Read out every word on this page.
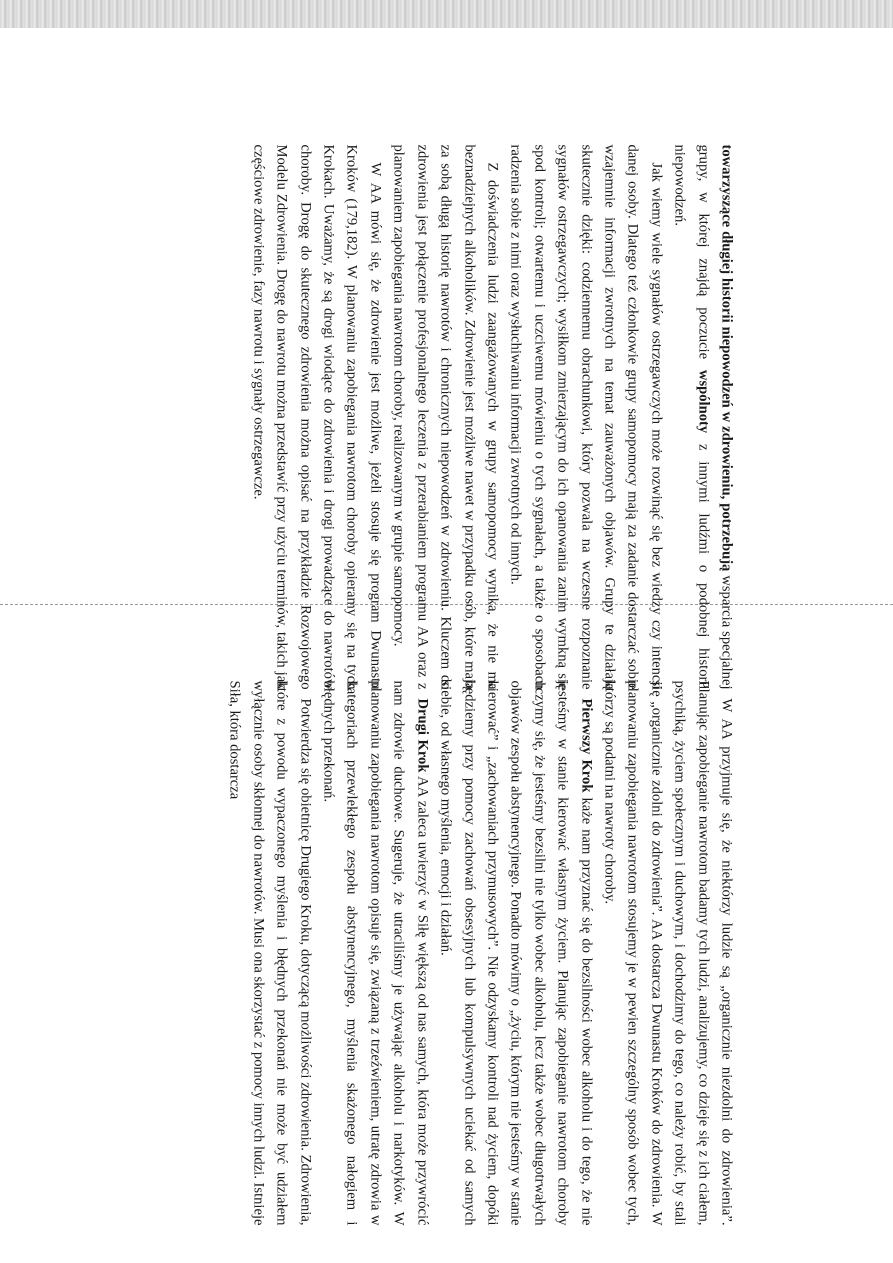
towarzyszące długiej historii niepowodzeń w zdrowieniu, potrzebują wsparcia specjalnej grupy, w której znajdą poczucie wspólnoty z innymi ludźmi o podobnej historii niepowodzeń.

Jak wiemy wiele sygnałów ostrzegawczych może rozwinąć się bez wiedzy czy intencji danej osoby. Dlatego też członkowie grupy samopomocy mają za zadanie dostarczać sobie wzajemnie informacji zwrotnych na temat zauważonych objawów. Grupy te działają skutecznie dzięki: codziennemu obrachunkowi, który pozwala na wczesne rozpoznanie sygnałów ostrzegawczych; wysiłkom zmierzającym do ich opanowania zanim wymkną się spod kontroli; otwartemu i uczciwemu mówieniu o tych sygnałach, a także o sposobach radzenia sobie z nimi oraz wysłuchiwaniu informacji zwrotnych od innych.

Z doświadczenia ludzi zaangażowanych w grupy samopomocy wynika, że nie ma beznadziejnych alkoholików. Zdrowienie jest możliwe nawet w przypadku osób, które mają za sobą długą historię nawrotów i chronicznych niepowodzeń w zdrowieniu. Kluczem do zdrowienia jest połączenie profesjonalnego leczenia z przerabianiem programu AA oraz z planowaniem zapobiegania nawrotom choroby, realizowanym w grupie samopomocy.

W AA mówi się, że zdrowienie jest możliwe, jeżeli stosuje się program Dwunastu Kroków (179,182). W planowaniu zapobiegania nawrotom choroby opieramy się na tych Krokach. Uważamy, że są drogi wiodące do zdrowienia i drogi prowadzące do nawrotów choroby. Drogę do skutecznego zdrowienia można opisać na przykładzie Rozwojowego Modelu Zdrowienia. Drogę do nawrotu można przedstawić przy użyciu terminów, takich jak częściowe zdrowienie, fazy nawrotu i sygnały ostrzegawcze.

W AA przyjmuje się, że niektórzy ludzie są „organicznie niezdolni do zdrowienia”. Planując zapobieganie nawrotom badamy tych ludzi, analizujemy, co dzieje się z ich ciałem, psychiką, życiem społecznym i duchowym, i dochodzimy do tego, co należy robić, by stali się „organicznie zdolni do zdrowienia”. AA dostarcza Dwunastu Kroków do zdrowienia. W planowaniu zapobiegania nawrotom stosujemy je w pewien szczególny sposób wobec tych, którzy są podatni na nawroty choroby.

Pierwszy Krok każe nam przyznać się do bezsilności wobec alkoholu i do tego, że nie jesteśmy w stanie kierować własnym życiem. Planując zapobieganie nawrotom choroby uczymy się, że jesteśmy bezsilni nie tylko wobec alkoholu, lecz także wobec długotrwałych objawów zespołu abstynencyjnego. Ponadto mówimy o „życiu, którym nie jesteśmy w stanie kierować” i „zachowaniach przymusowych”. Nie odzyskamy kontroli nad życiem, dopóki będziemy przy pomocy zachowań obsesyjnych lub kompulsywnych uciekać od samych siebie, od własnego myślenia, emocji i działań.

Drugi Krok AA zaleca uwierzyć w Siłę większą od nas samych, która może przywrócić nam zdrowie duchowe. Sugeruje, że utraciliśmy je używając alkoholu i narkotyków. W planowaniu zapobiegania nawrotom opisuje się, związaną z trzeźwieniem, utratę zdrowia w kategoriach przewlekłego zespołu abstynencyjnego, myślenia skażonego nałogiem i błędnych przekonań.

Potwierdza się obietnicę Drugiego Kroku, dotyczącą możliwości zdrowienia. Zdrowienia, które z powodu wypaczonego myślenia i błędnych przekonań nie może być udziałem wyłącznie osoby skłonnej do nawrotów. Musi ona skorzystać z pomocy innych ludzi. Istnieje Siła, która dostarcza
